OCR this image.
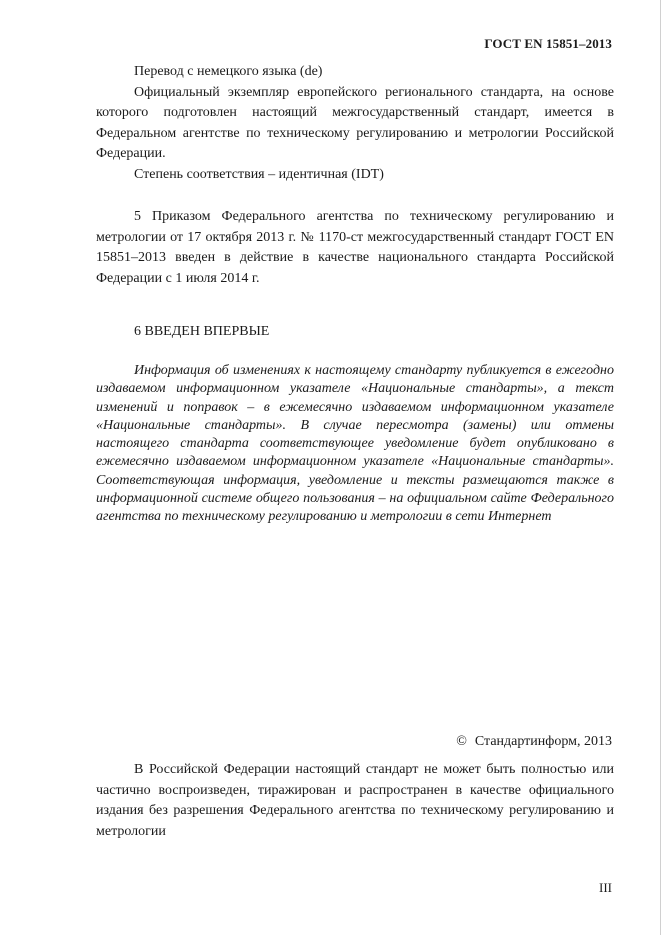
ГОСТ EN 15851–2013

Перевод с немецкого языка (de)

Официальный экземпляр европейского регионального стандарта, на основе которого подготовлен настоящий межгосударственный стандарт, имеется в Федеральном агентстве по техническому регулированию и метрологии Российской Федерации.

Степень соответствия – идентичная (IDT)

5 Приказом Федерального агентства по техническому регулированию и метрологии от 17 октября 2013 г. № 1170-ст межгосударственный стандарт ГОСТ EN 15851–2013 введен в действие в качестве национального стандарта Российской Федерации с 1 июля 2014 г.

6 ВВЕДЕН ВПЕРВЫЕ

Информация об изменениях к настоящему стандарту публикуется в ежегодно издаваемом информационном указателе «Национальные стандарты», а текст изменений и поправок – в ежемесячно издаваемом информационном указателе «Национальные стандарты». В случае пересмотра (замены) или отмены настоящего стандарта соответствующее уведомление будет опубликовано в ежемесячно издаваемом информационном указателе «Национальные стандарты». Соответствующая информация, уведомление и тексты размещаются также в информационной системе общего пользования – на официальном сайте Федерального агентства по техническому регулированию и метрологии в сети Интернет

© Стандартинформ, 2013

В Российской Федерации настоящий стандарт не может быть полностью или частично воспроизведен, тиражирован и распространен в качестве официального издания без разрешения Федерального агентства по техническому регулированию и метрологии

III
